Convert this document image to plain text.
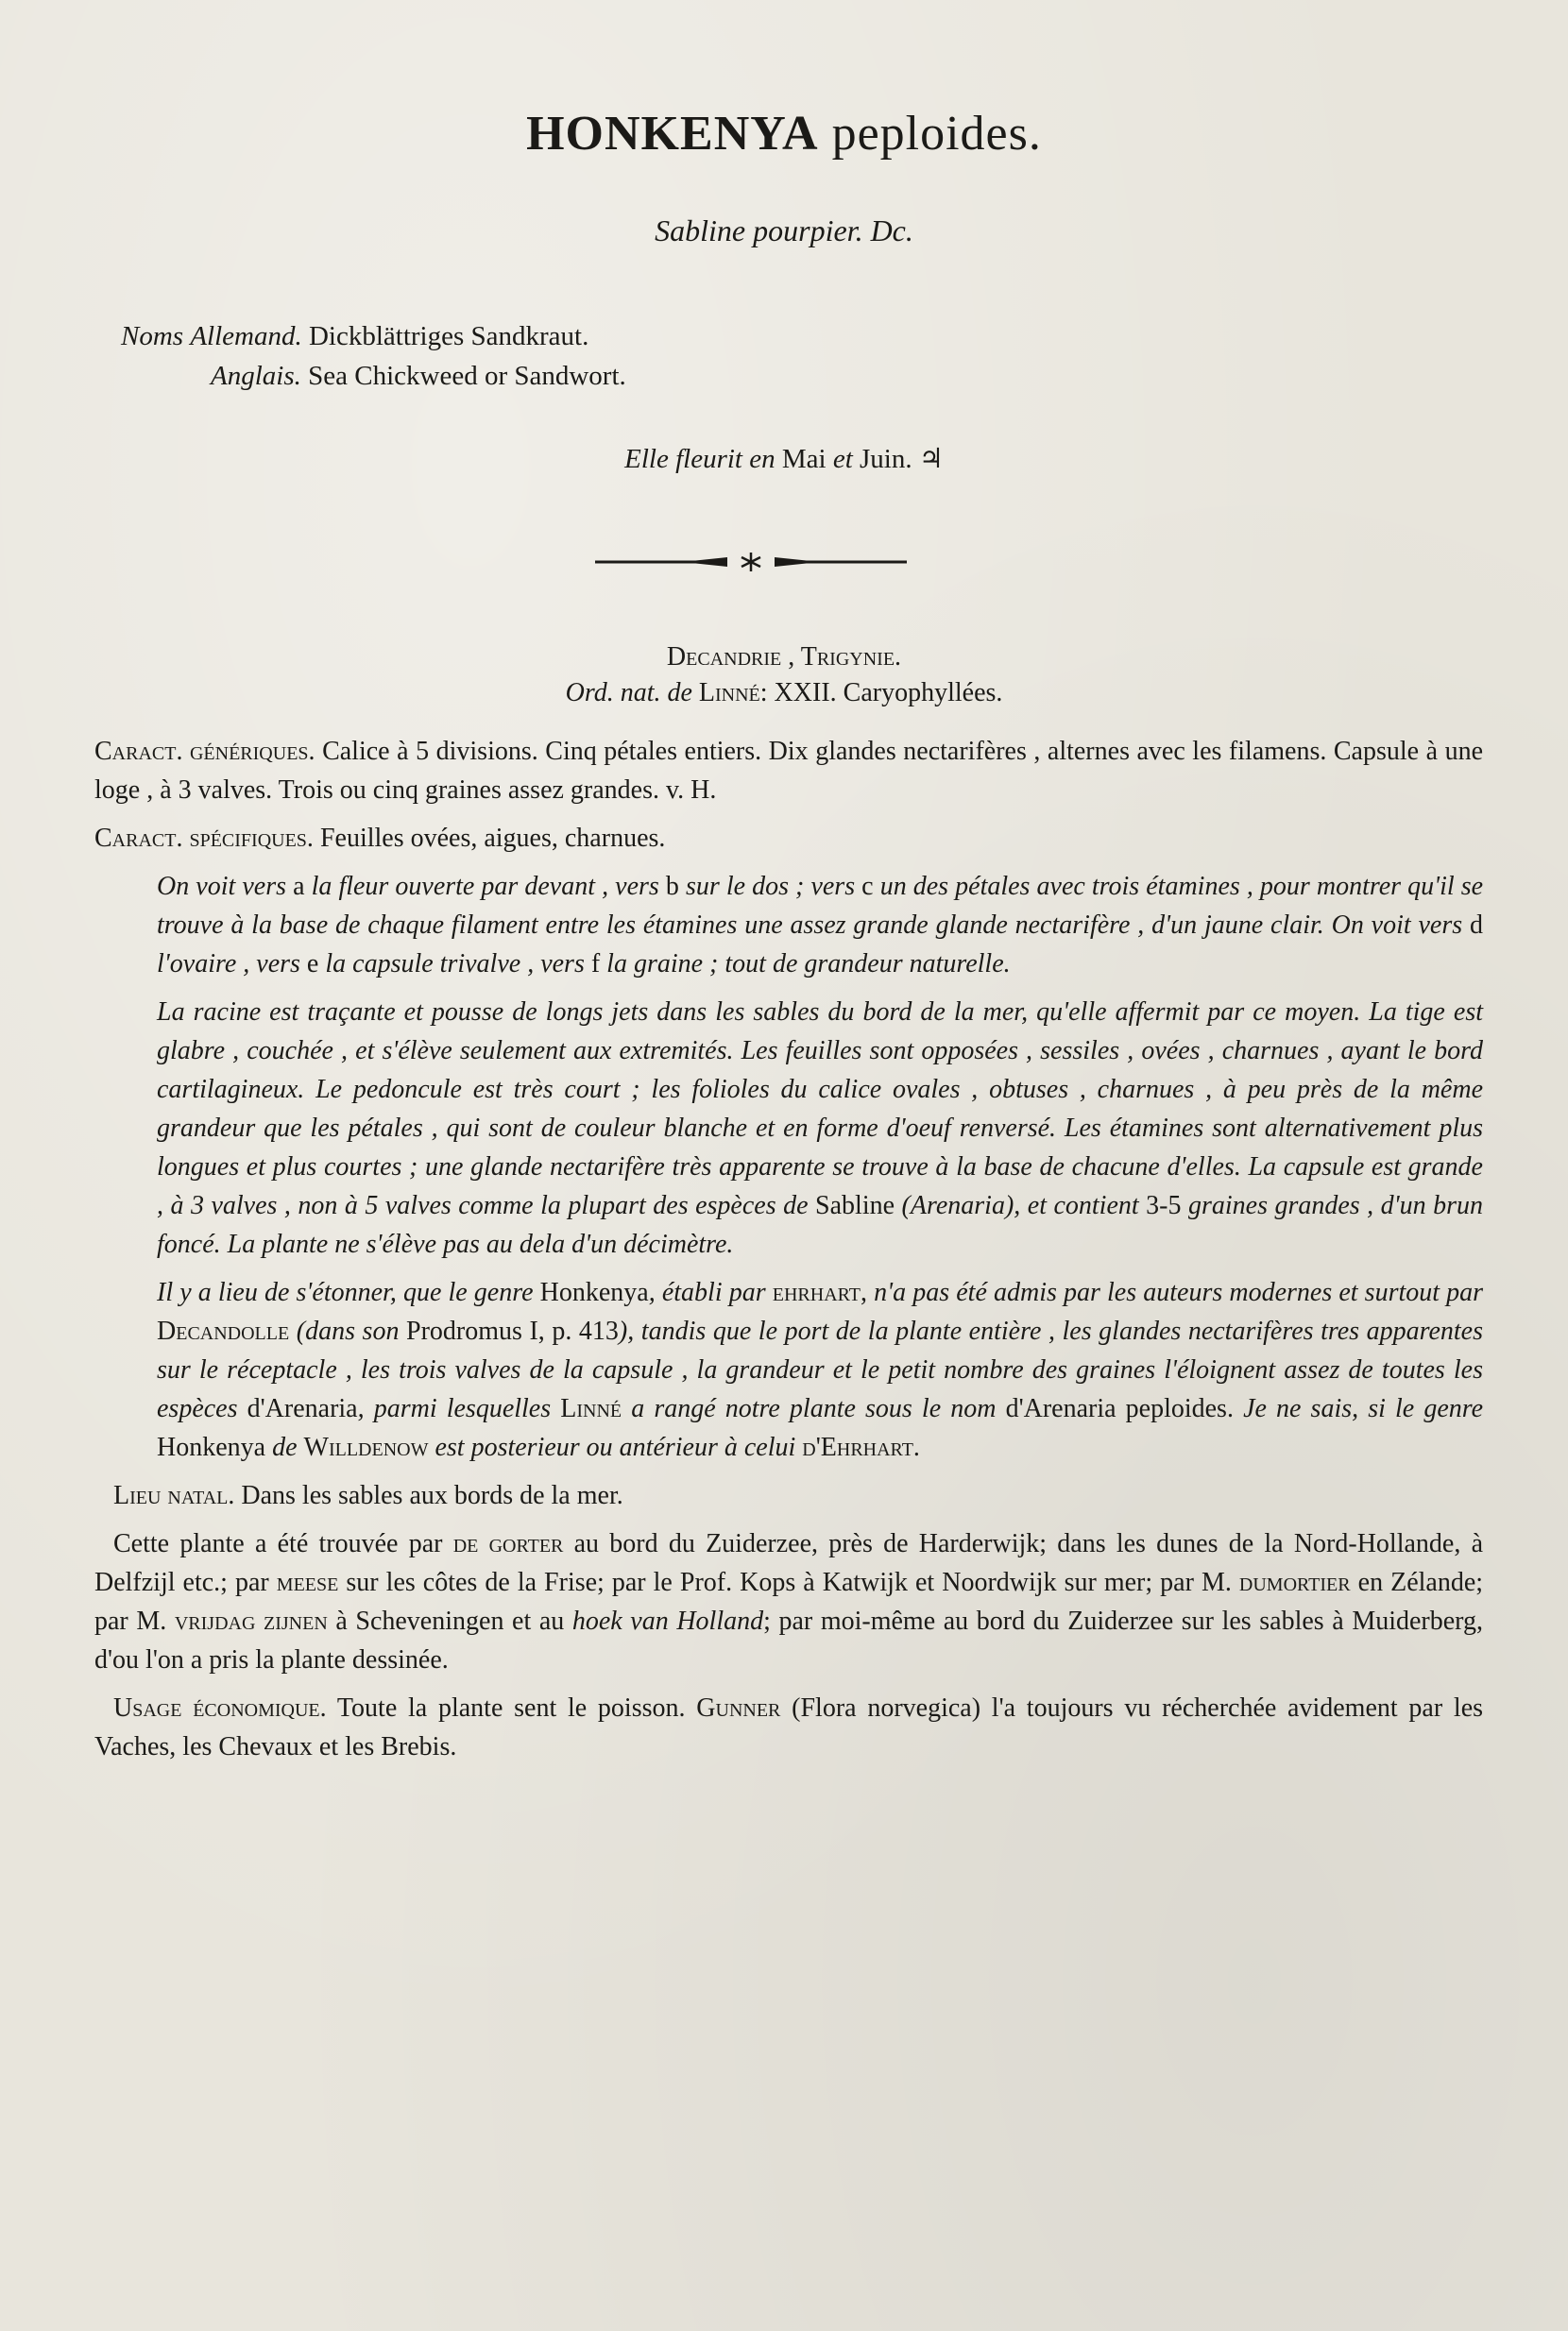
HONKENYA peploides.
Sabline pourpier. Dc.
Noms Allemand. Dickblättriges Sandkraut.
Anglais. Sea Chickweed or Sandwort.
Elle fleurit en Mai et Juin. ♃
Decandrie , Trigynie.
Ord. nat. de Linné: XXII. Caryophyllées.

Caract. génériques. Calice à 5 divisions. Cinq pétales entiers. Dix glandes nectarifères , alternes avec les filamens. Capsule à une loge , à 3 valves. Trois ou cinq graines assez grandes. v. H.

Caract. spécifiques. Feuilles ovées, aigues, charnues.

On voit vers a la fleur ouverte par devant , vers b sur le dos ; vers c un des pétales avec trois étamines , pour montrer qu'il se trouve à la base de chaque filament entre les étamines une assez grande glande nectarifère , d'un jaune clair. On voit vers d l'ovaire , vers e la capsule trivalve , vers f la graine ; tout de grandeur naturelle.

La racine est traçante et pousse de longs jets dans les sables du bord de la mer, qu'elle affermit par ce moyen. La tige est glabre , couchée , et s'élève seulement aux extremités. Les feuilles sont opposées , sessiles , ovées , charnues , ayant le bord cartilagineux. Le pedoncule est très court ; les folioles du calice ovales , obtuses , charnues , à peu près de la même grandeur que les pétales , qui sont de couleur blanche et en forme d'oeuf renversé. Les étamines sont alternativement plus longues et plus courtes ; une glande nectarifère très apparente se trouve à la base de chacune d'elles. La capsule est grande , à 3 valves , non à 5 valves comme la plupart des espèces de Sabline (Arenaria), et contient 3-5 graines grandes , d'un brun foncé. La plante ne s'élève pas au dela d'un décimètre.

Il y a lieu de s'étonner, que le genre Honkenya, établi par ehrhart, n'a pas été admis par les auteurs modernes et surtout par Decandolle (dans son Prodromus I, p. 413), tandis que le port de la plante entière , les glandes nectarifères tres apparentes sur le réceptacle , les trois valves de la capsule , la grandeur et le petit nombre des graines l'éloignent assez de toutes les espèces d'Arenaria, parmi lesquelles Linné a rangé notre plante sous le nom d'Arenaria peploides. Je ne sais, si le genre Honkenya de Willdenow est posterieur ou antérieur à celui d'Ehrhart.

Lieu natal. Dans les sables aux bords de la mer.

Cette plante a été trouvée par de gorter au bord du Zuiderzee, près de Harderwijk; dans les dunes de la Nord-Hollande, à Delfzijl etc.; par meese sur les côtes de la Frise; par le Prof. Kops à Katwijk et Noordwijk sur mer; par M. dumortier en Zélande; par M. vrijdag zijnen à Scheveningen et au hoek van Holland; par moi-même au bord du Zuiderzee sur les sables à Muiderberg, d'ou l'on a pris la plante dessinée.

Usage économique. Toute la plante sent le poisson. Gunner (Flora norvegica) l'a toujours vu récherchée avidement par les Vaches, les Chevaux et les Brebis.
